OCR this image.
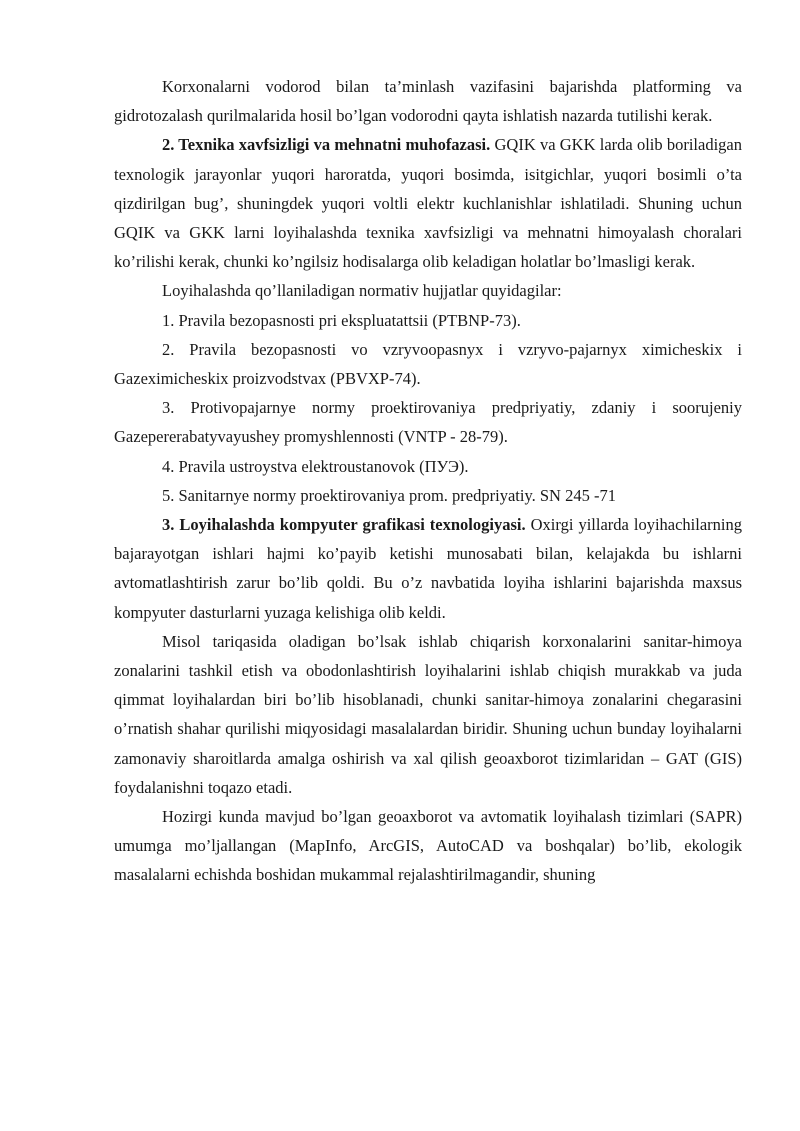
Korxonalarni vodorod bilan ta’minlash vazifasini bajarishda platforming va gidrotozalash qurilmalarida hosil bo’lgan vodorodni qayta ishlatish nazarda tutilishi kerak.

2. Texnika xavfsizligi va mehnatni muhofazasi. GQIK va GKK larda olib boriladigan texnologik jarayonlar yuqori haroratda, yuqori bosimda, isitgichlar, yuqori bosimli o’ta qizdirilgan bug’, shuningdek yuqori voltli elektr kuchlanishlar ishlatiladi. Shuning uchun GQIK va GKK larni loyihalashda texnika xavfsizligi va mehnatni himoyalash choralari ko’rilishi kerak, chunki ko’ngilsiz hodisalarga olib keladigan holatlar bo’lmasligi kerak.

Loyihalashda qo’llaniladigan normativ hujjatlar quyidagilar:

1. Pravila bezopasnosti pri ekspluatattsii (PTBNP-73).

2. Pravila bezopasnosti vo vzryvoopasnyx i vzryvo-pajarnyx ximicheskix i Gazeximicheskix proizvodstvax (PBVXP-74).

3. Protivopajarnye normy proektirovaniya predpriyatiy, zdaniy i soorujeniy Gazepererabatyvayushey promyshlennosti (VNTP - 28-79).

4. Pravila ustroystva elektroustanovok (ПУЭ).

5. Sanitarnye normy proektirovaniya prom. predpriyatiy. SN 245 -71

3. Loyihalashda kompyuter grafikasi texnologiyasi. Oxirgi yillarda loyihachilarning bajarayotgan ishlari hajmi ko’payib ketishi munosabati bilan, kelajakda bu ishlarni avtomatlashtirish zarur bo’lib qoldi. Bu o’z navbatida loyiha ishlarini bajarishda maxsus kompyuter dasturlarni yuzaga kelishiga olib keldi.

Misol tariqasida oladigan bo’lsak ishlab chiqarish korxonalarini sanitar-himoya zonalarini tashkil etish va obodonlashtirish loyihalarini ishlab chiqish murakkab va juda qimmat loyihalardan biri bo’lib hisoblanadi, chunki sanitar-himoya zonalarini chegarasini o’rnatish shahar qurilishi miqyosidagi masalalardan biridir. Shuning uchun bunday loyihalarni zamonaviy sharoitlarda amalga oshirish va xal qilish geoaxborot tizimlaridan – GAT (GIS) foydalanishni toqazo etadi.

Hozirgi kunda mavjud bo’lgan geoaxborot va avtomatik loyihalash tizimlari (SAPR) umumga mo’ljallangan (MapInfo, ArcGIS, AutoCAD va boshqalar) bo’lib, ekologik masalalarni echishda boshidan mukammal rejalashtirilmagandir, shuning
